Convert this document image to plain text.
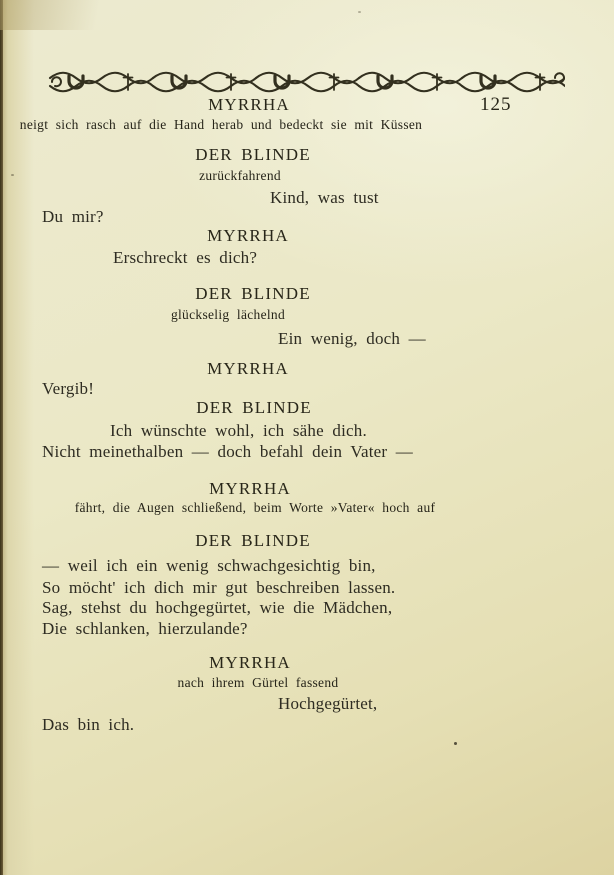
125
MYRRHA
neigt sich rasch auf die Hand herab und bedeckt sie mit Küssen
DER BLINDE
zurückfahrend
Kind, was tust
Du mir?
MYRRHA
Erschreckt es dich?
DER BLINDE
glückselig lächelnd
Ein wenig, doch —
MYRRHA
Vergib!
DER BLINDE
Ich wünschte wohl, ich sähe dich.
Nicht meinethalben — doch befahl dein Vater —
MYRRHA
fährt, die Augen schließend, beim Worte »Vater« hoch auf
DER BLINDE
— weil ich ein wenig schwachgesichtig bin,
So möcht' ich dich mir gut beschreiben lassen.
Sag, stehst du hochgegürtet, wie die Mädchen,
Die schlanken, hierzulande?
MYRRHA
nach ihrem Gürtel fassend
Hochgegürtet,
Das bin ich.
